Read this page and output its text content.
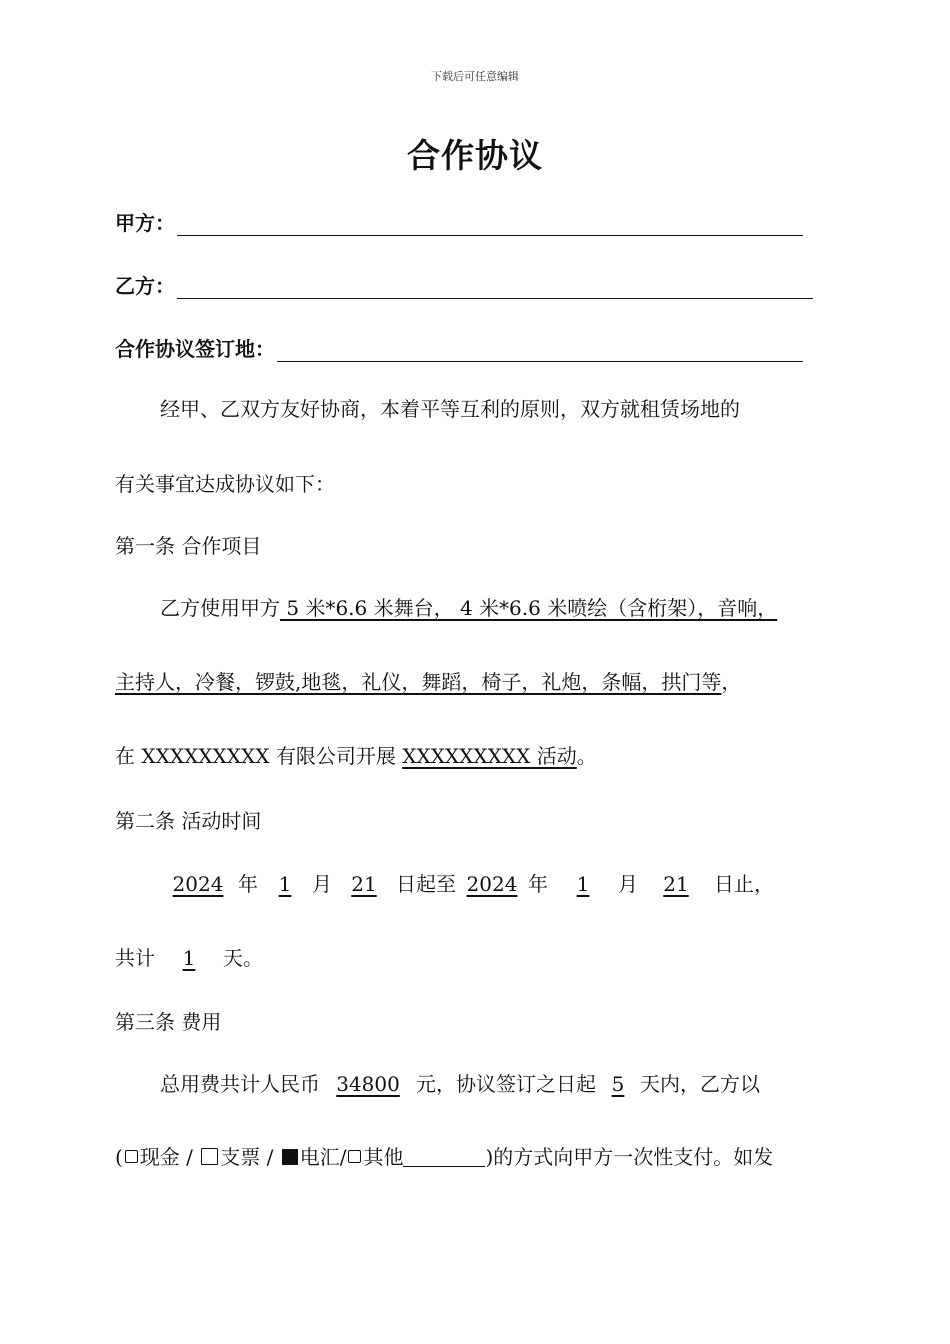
下载后可任意编辑
合作协议
甲方：
乙方：
合作协议签订地：
经甲、乙双方友好协商，本着平等互利的原则，双方就租赁场地的
有关事宜达成协议如下：
第一条 合作项目
乙方使用甲方 5 米*6.6 米舞台， 4 米*6.6 米喷绘（含桁架），音响，
主持人，冷餐，锣鼓,地毯，礼仪，舞蹈，椅子，礼炮，条幅，拱门等，
在 XXXXXXXXX 有限公司开展 XXXXXXXXX 活动。
第二条 活动时间
2024 年 1 月 21 日起至 2024 年 1 月 21 日止，
共计 1 天。
第三条 费用
总用费共计人民币 34800 元，协议签订之日起 5 天内，乙方以
( 现金 / 支票 / 电汇/ 其他	)的方式向甲方一次性支付。如发
